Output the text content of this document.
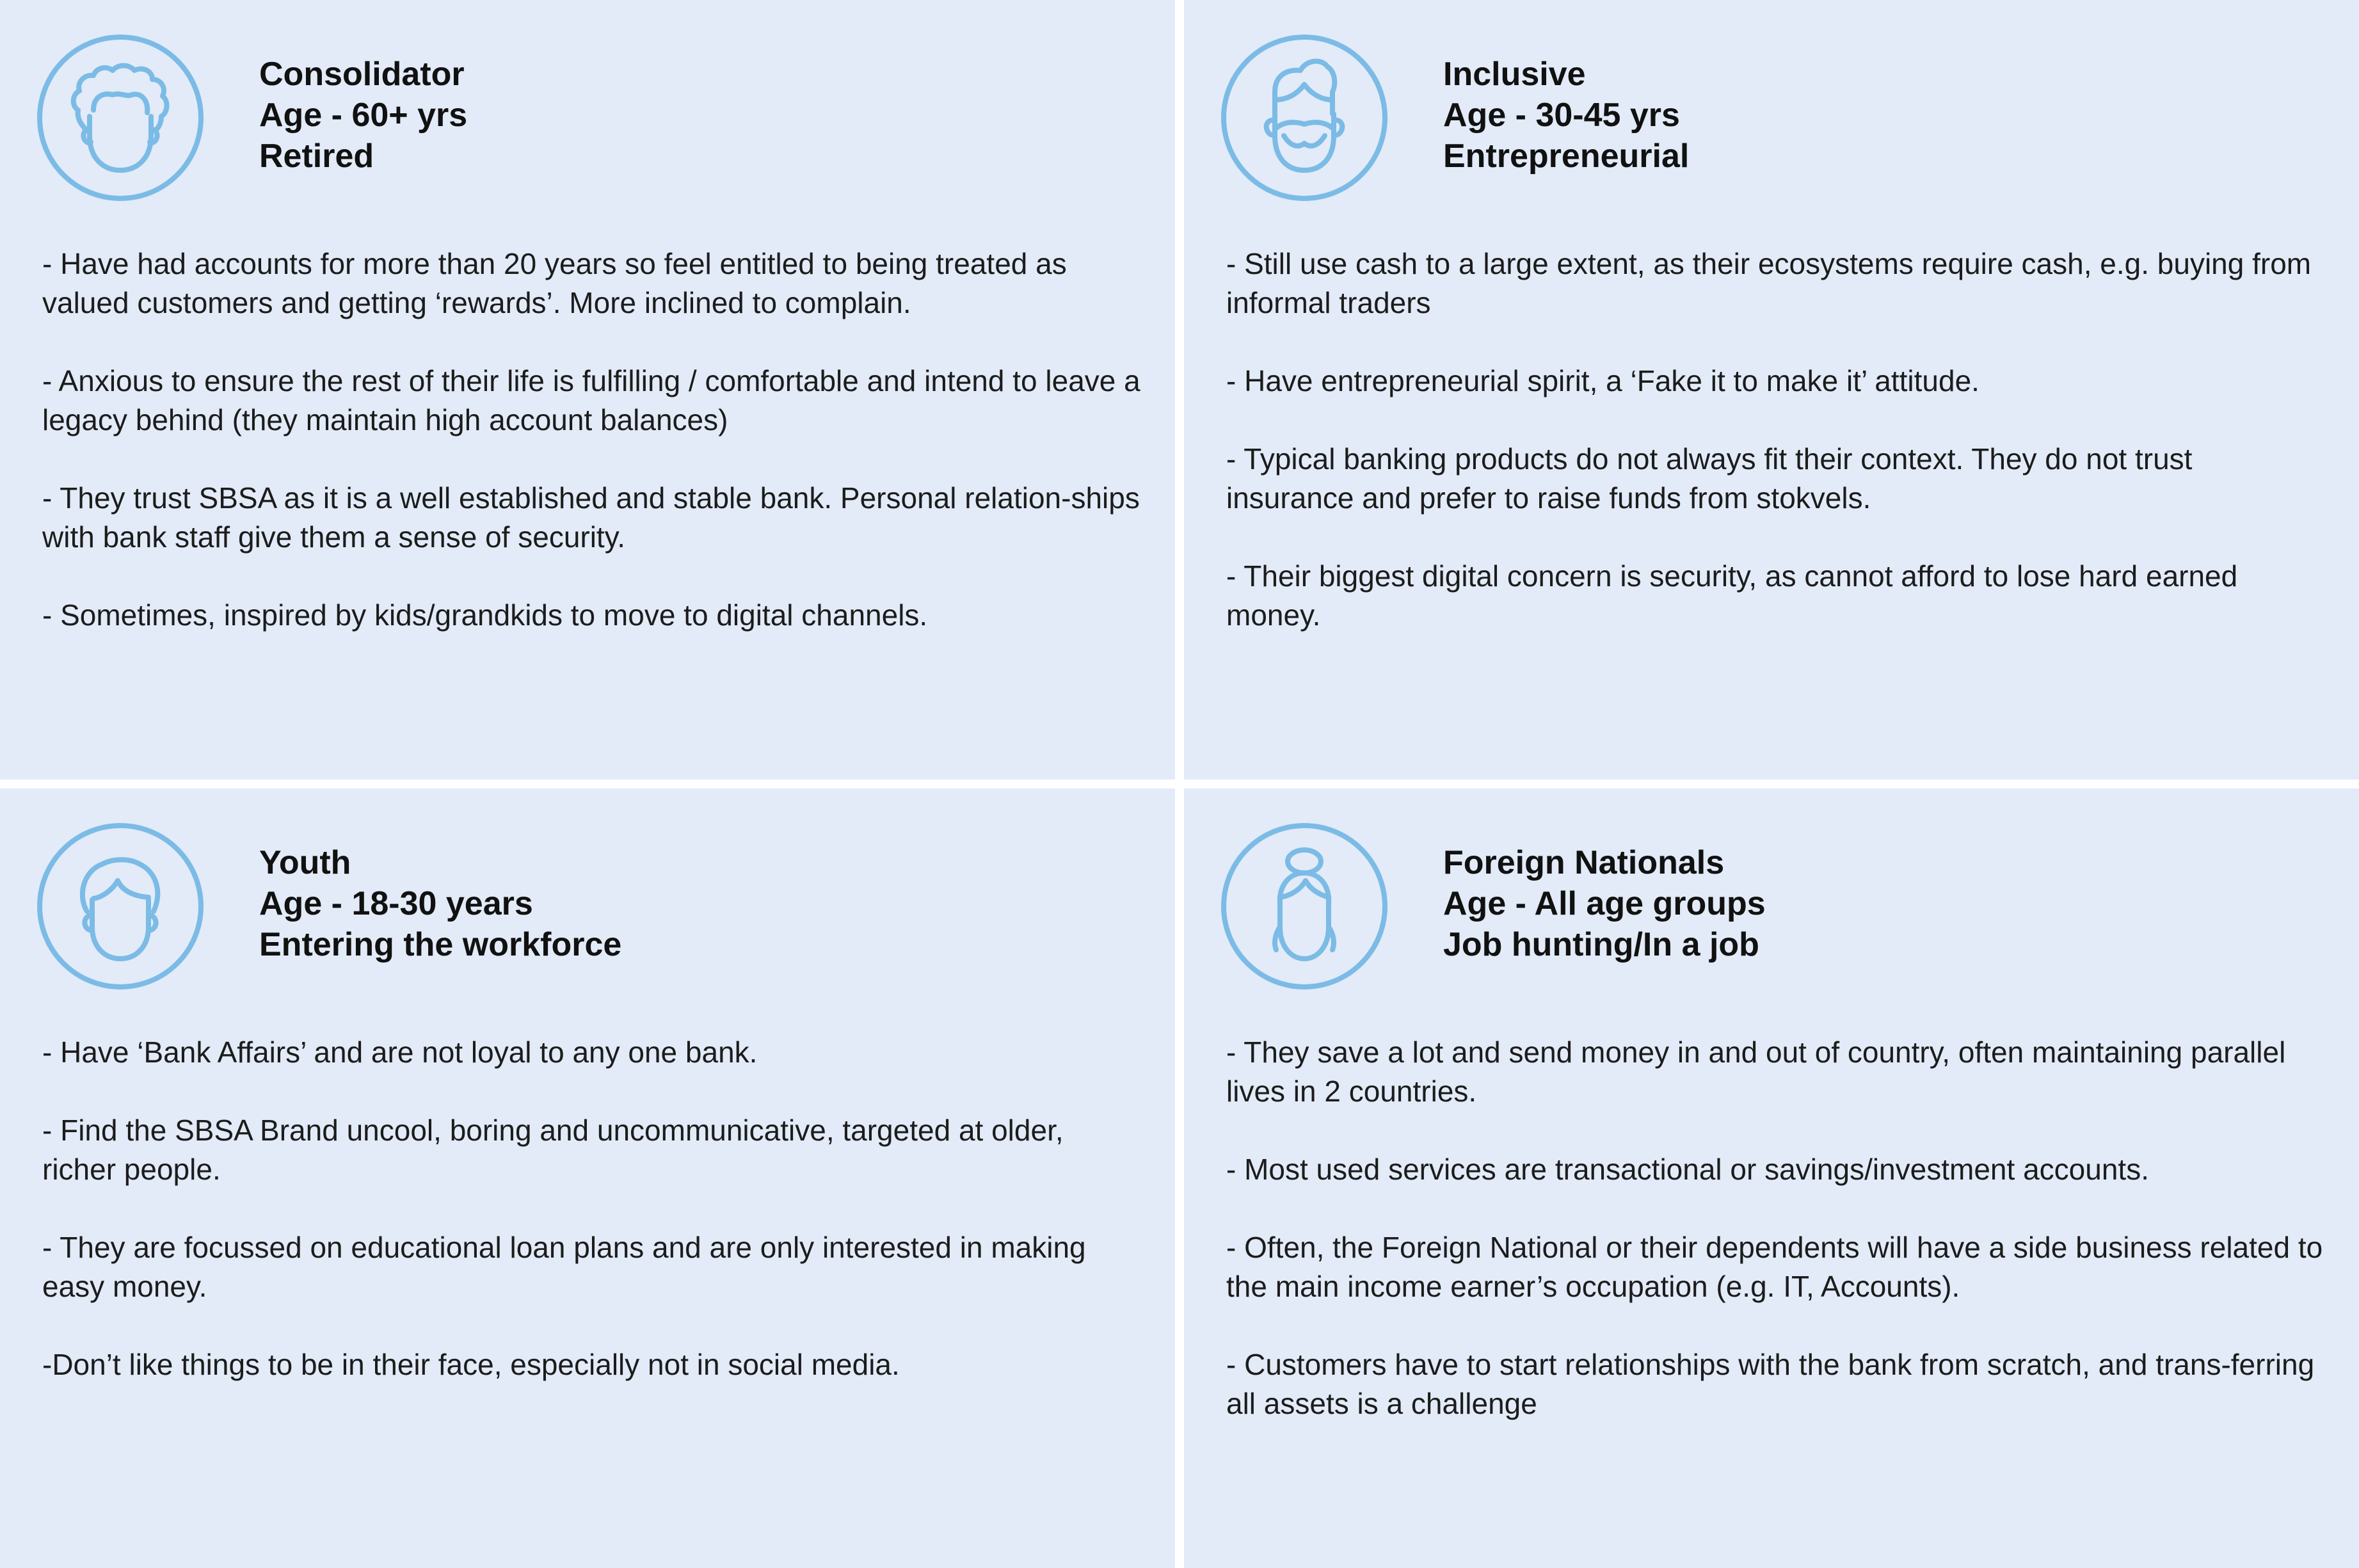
Consolidator
Age - 60+ yrs
Retired

- Have had accounts for more than 20 years so feel entitled to being treated as valued customers and getting ‘rewards’. More inclined to complain.

- Anxious to ensure the rest of their life is fulfilling / comfortable and intend to leave a legacy behind (they maintain high account balances)

- They trust SBSA as it is a well established and stable bank. Personal relation-ships with bank staff give them a sense of security.

- Sometimes, inspired by kids/grandkids to move to digital channels.

Inclusive
Age - 30-45 yrs
Entrepreneurial

- Still use cash to a large extent, as their ecosystems require cash, e.g. buying from informal traders

- Have entrepreneurial spirit, a ‘Fake it to make it’ attitude.

- Typical banking products do not always fit their context. They do not trust insurance and prefer to raise funds from stokvels.

- Their biggest digital concern is security, as cannot afford to lose hard earned money.

Youth
Age - 18-30 years
Entering the workforce

- Have ‘Bank Affairs’ and are not loyal to any one bank.

- Find the SBSA Brand uncool, boring and uncommunicative, targeted at older, richer people.

- They are focussed on educational loan plans and are only interested in making easy money.

-Don’t like things to be in their face, especially not in social media.

Foreign Nationals
Age - All age groups
Job hunting/In a job

- They save a lot and send money in and out of country, often maintaining parallel lives in 2 countries.

- Most used services are transactional or savings/investment accounts.

- Often, the Foreign National or their dependents will have a side business related to the main income earner’s occupation (e.g. IT, Accounts).

- Customers have to start relationships with the bank from scratch, and trans-ferring all assets is a challenge
